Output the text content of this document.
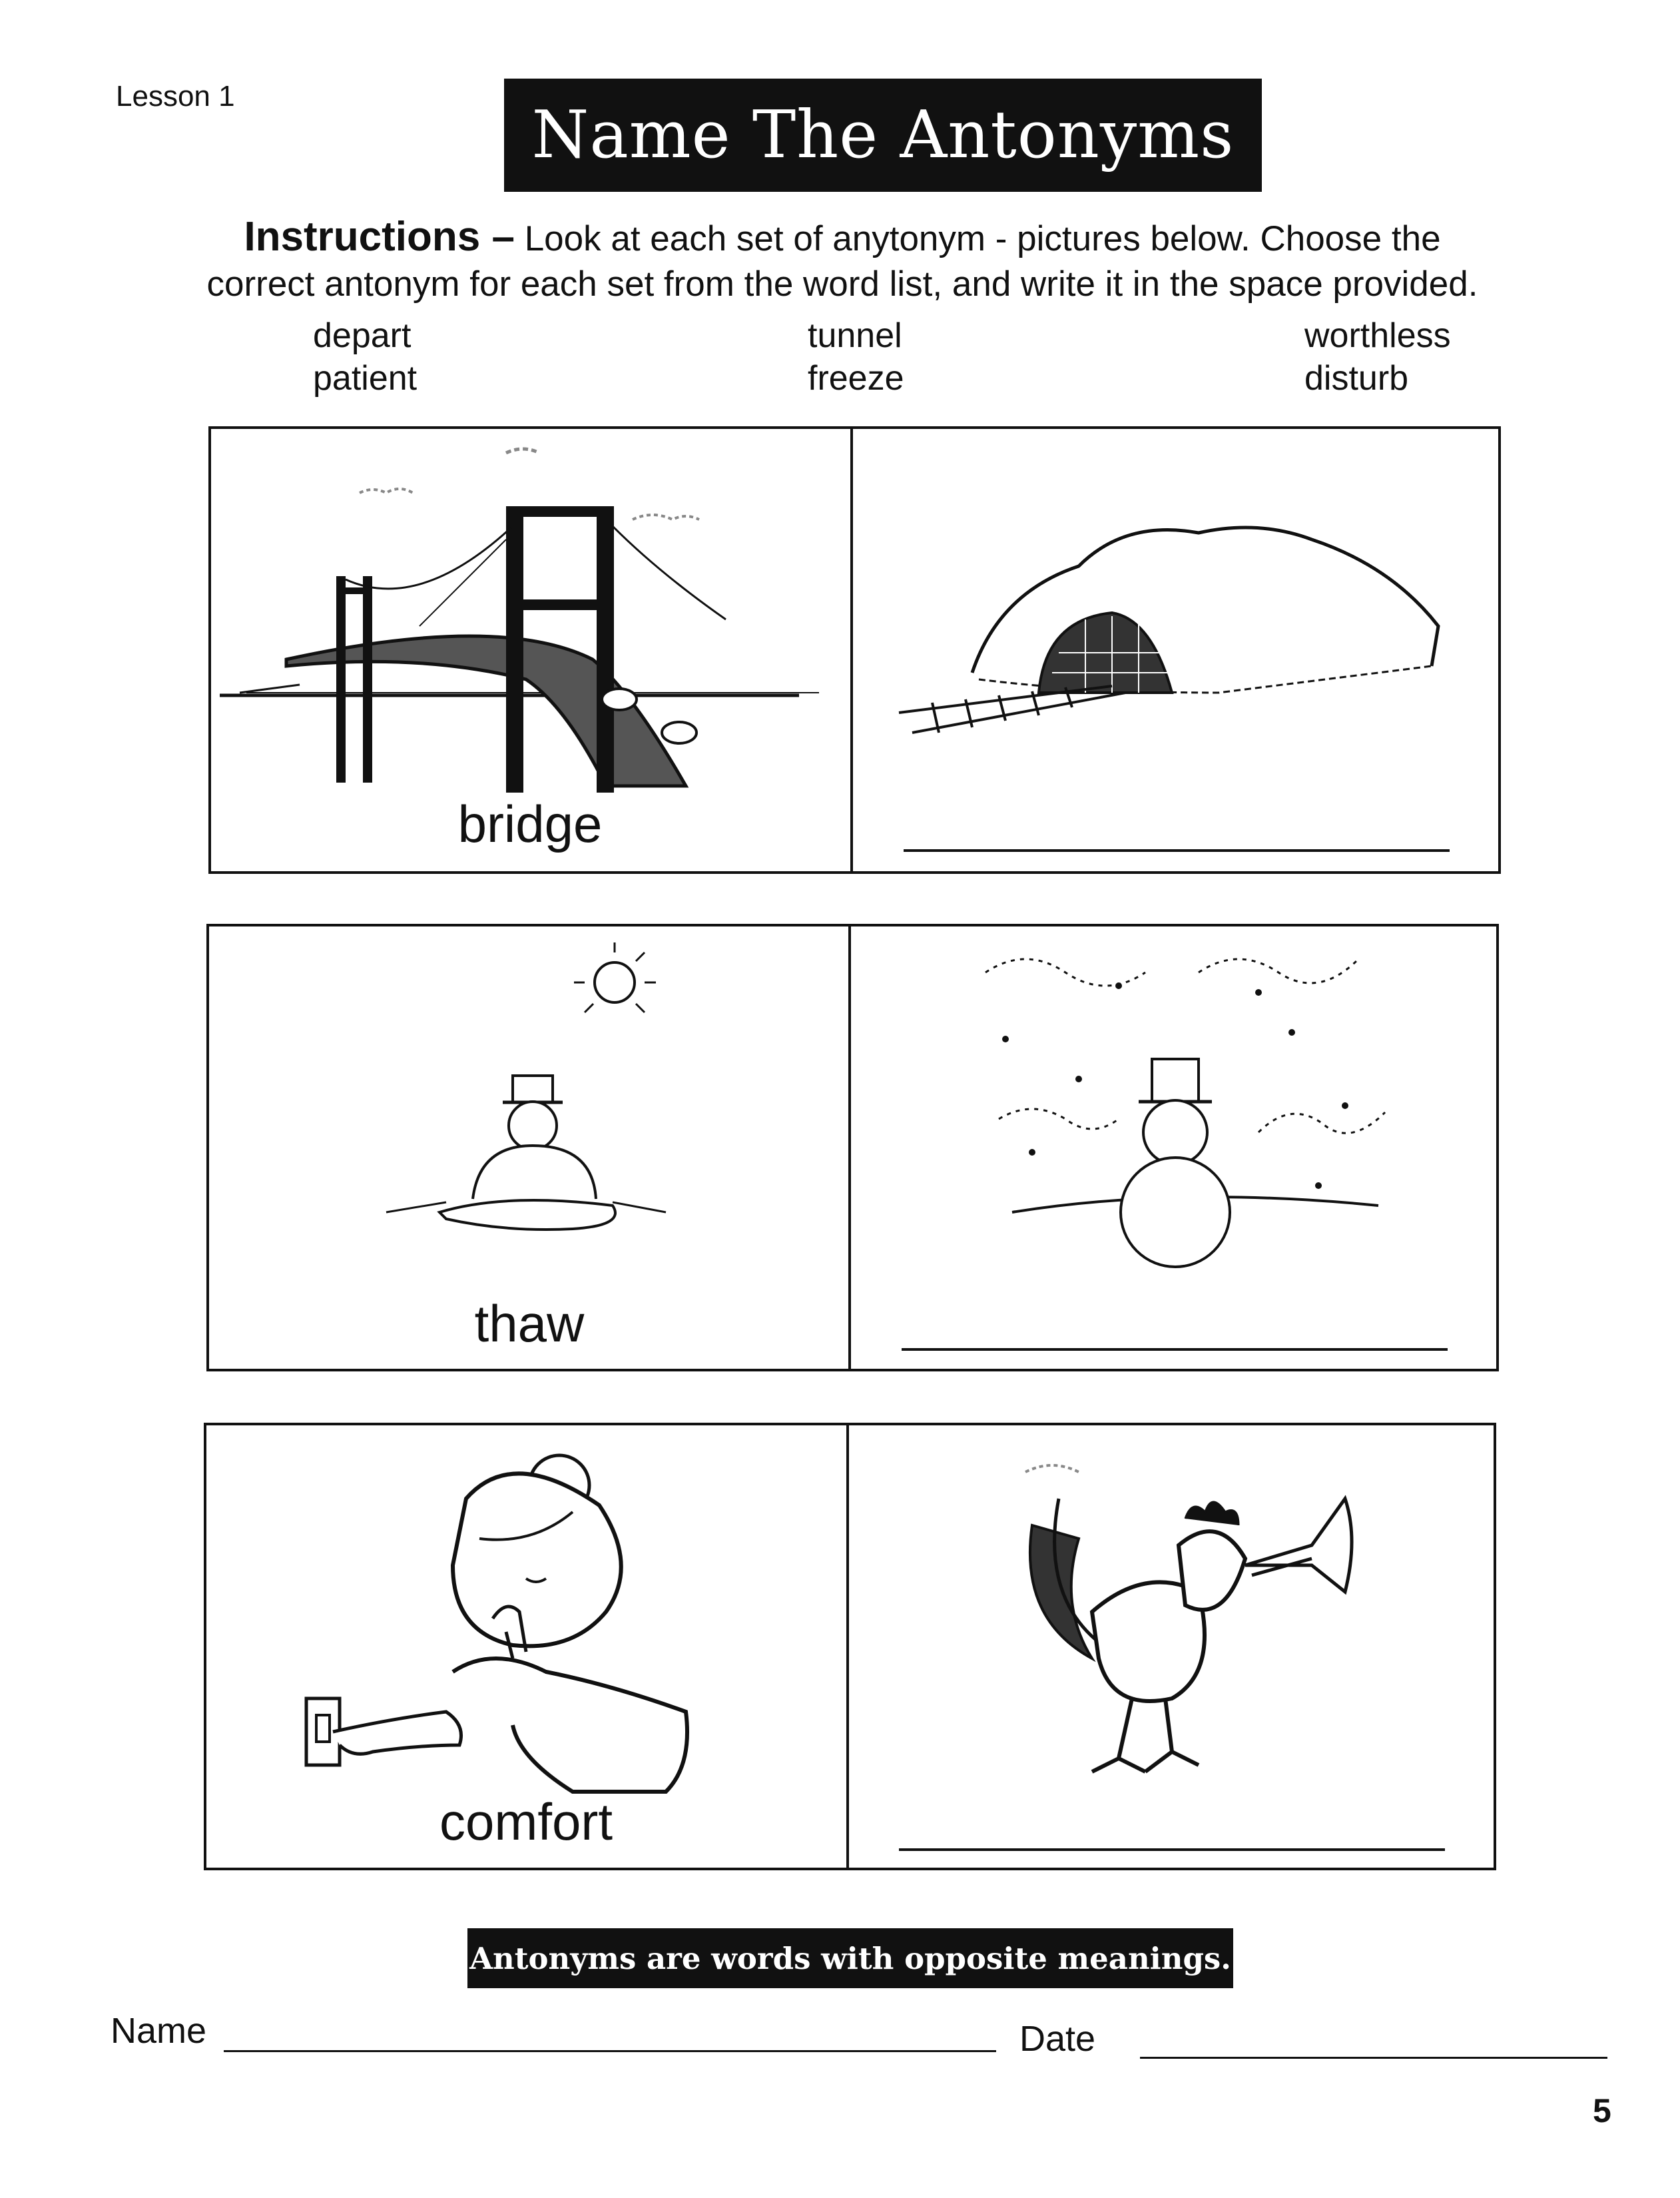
Lesson 1
Name The Antonyms
Instructions – Look at each set of anytonym - pictures below. Choose the
correct antonym for each set from the word list, and write it in the space provided.
depart
patient
tunnel
freeze
worthless
disturb
bridge
thaw
comfort
Antonyms are words with opposite meanings.
Name	Date
5
